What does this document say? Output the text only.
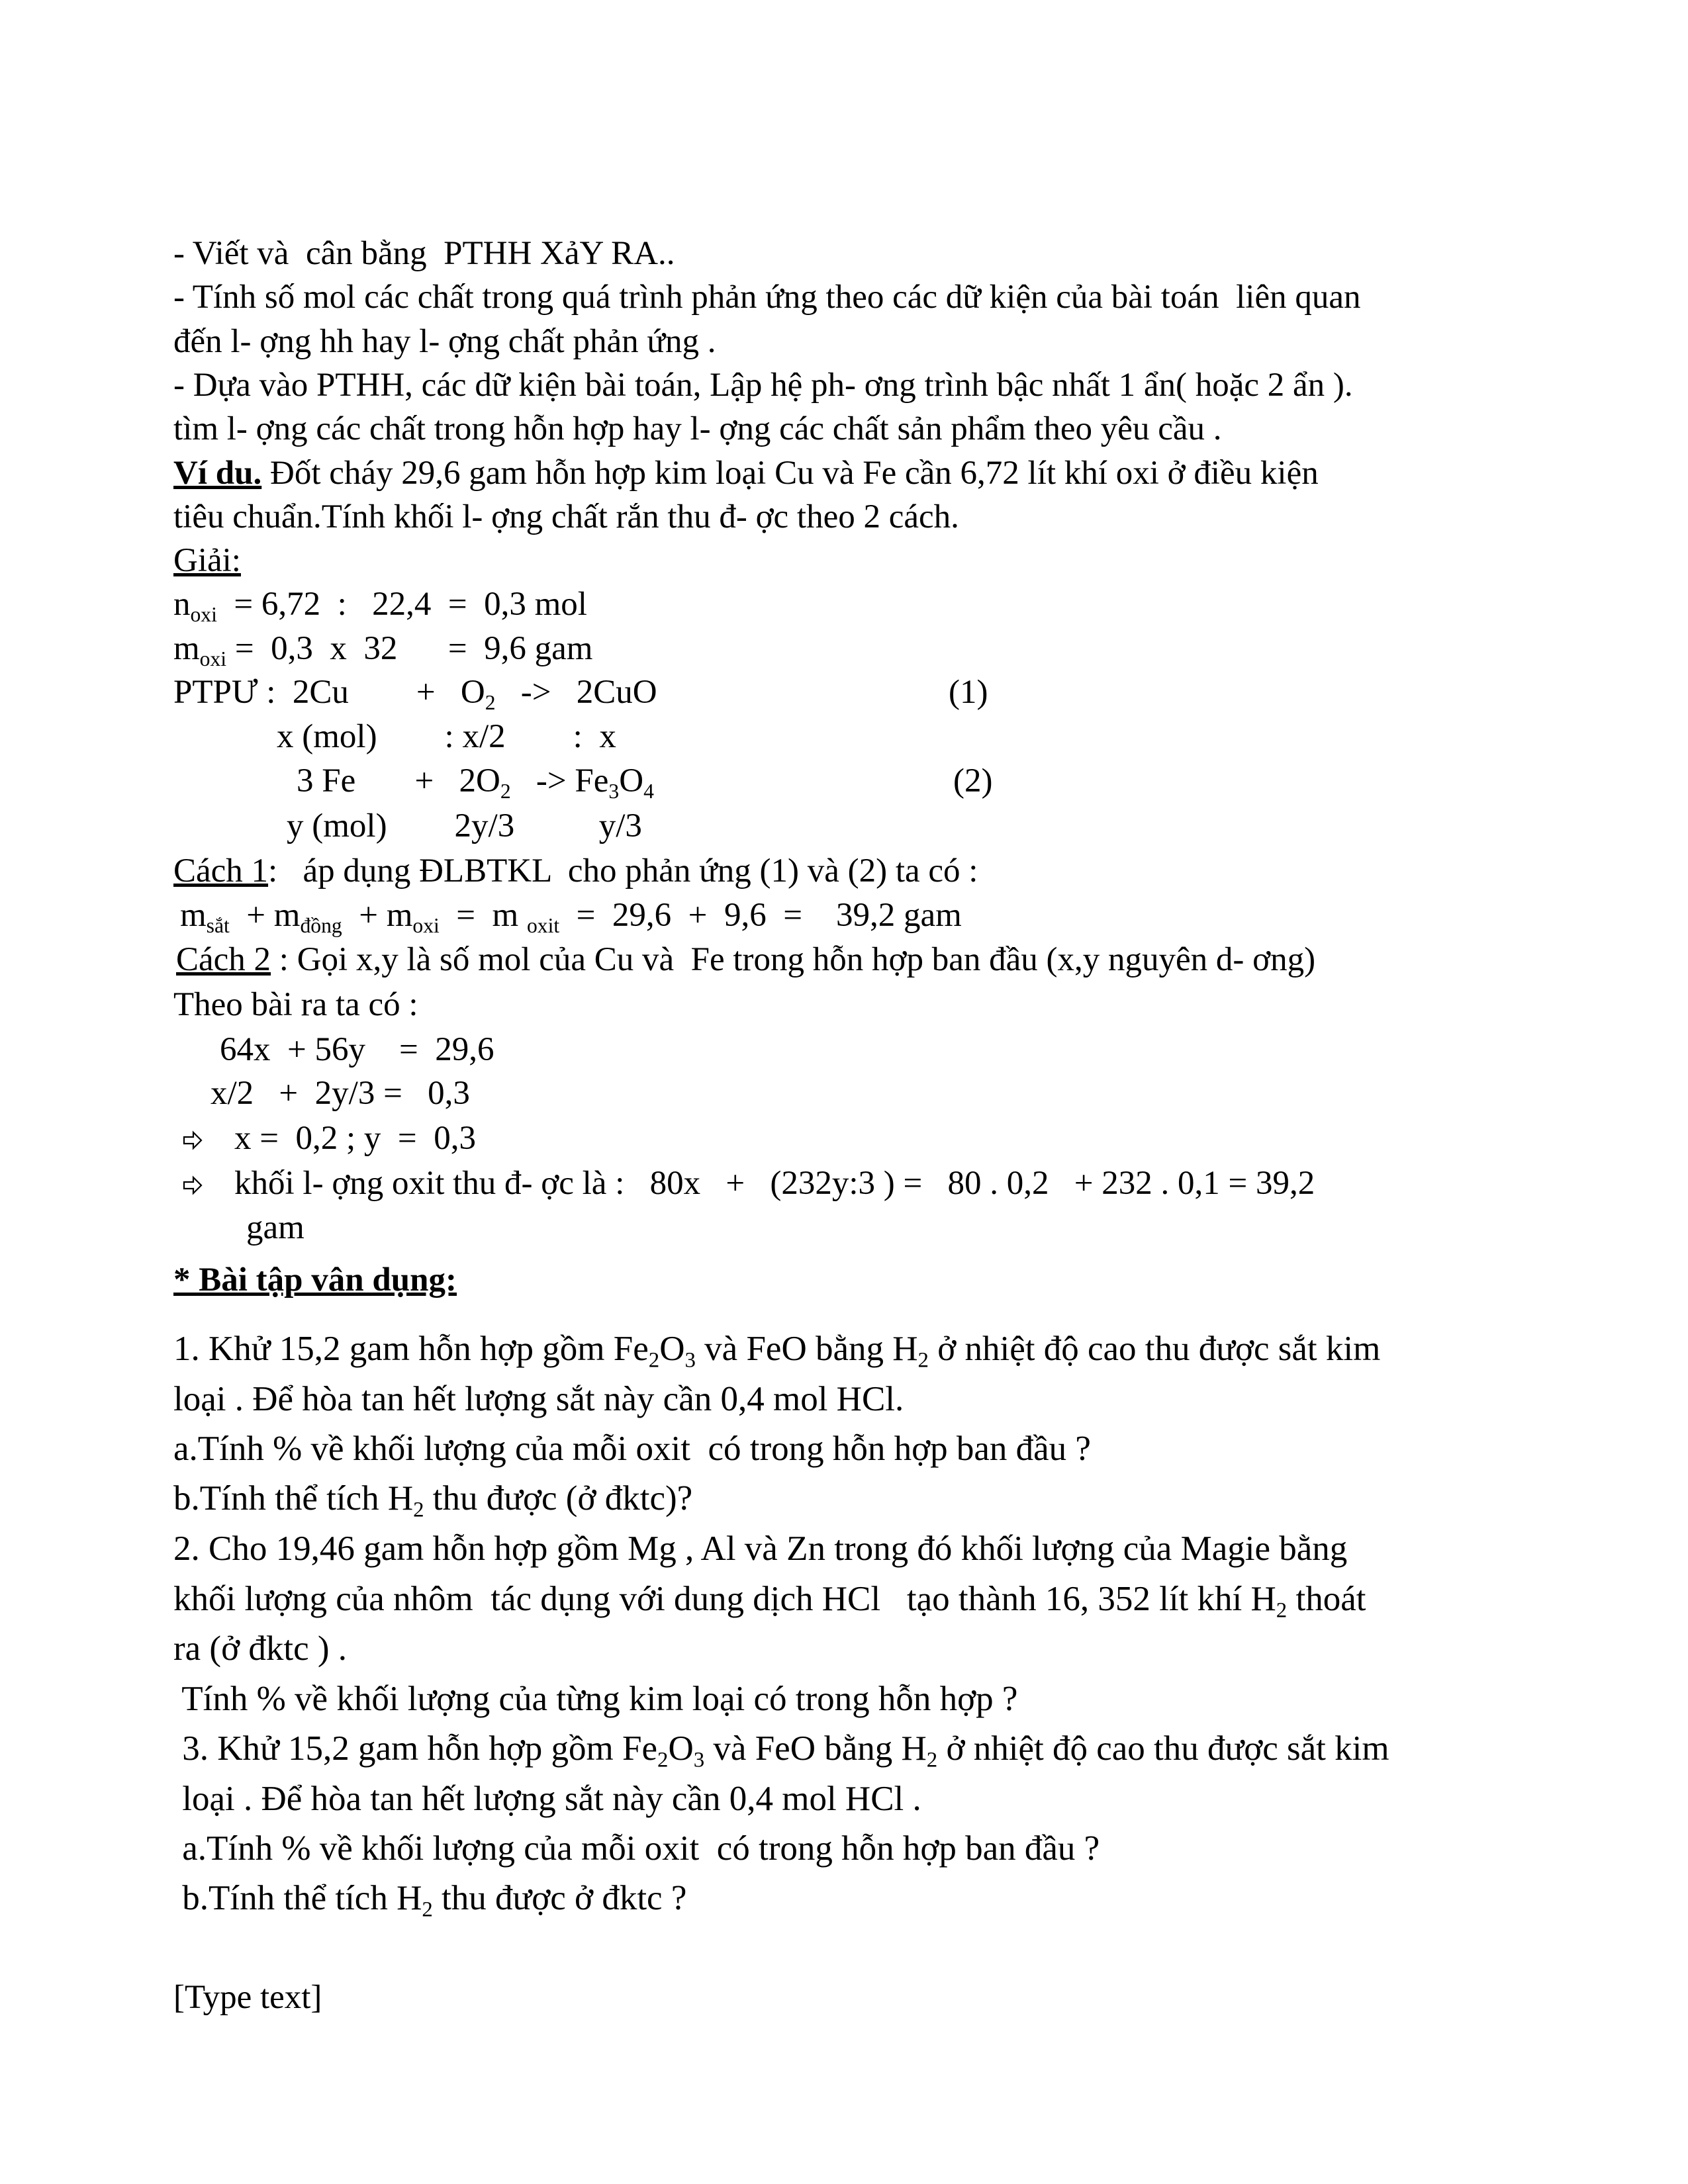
- Viết và  cân bằng  PTHH XảY RA..
- Tính số mol các chất trong quá trình phản ứng theo các dữ kiện của bài toán  liên quan
đến l- ợng hh hay l- ợng chất phản ứng .
- Dựa vào PTHH, các dữ kiện bài toán, Lập hệ ph- ơng trình bậc nhất 1 ẩn( hoặc 2 ẩn ).
tìm l- ợng các chất trong hỗn hợp hay l- ợng các chất sản phẩm theo yêu cầu .
Ví du. Đốt cháy 29,6 gam hỗn hợp kim loại Cu và Fe cần 6,72 lít khí oxi ở điều kiện
tiêu chuẩn.Tính khối l- ợng chất rắn thu đ- ợc theo 2 cách.
Giải:
$n_{oxi} = 6,72$  :   22,4  =  0,3 mol
$m_{oxi} = 0,3$  x  32      =  9,6 gam
PTPƯ :  2Cu        +   $O_2 -> 2CuO$	(1)
x (mol)        : x/2        :  x
3 Fe       +   $2O_2 -> Fe_3O_4$	(2)
y (mol)        2y/3          y/3
Cách 1:   áp dụng ĐLBTKL  cho phản ứng (1) và (2) ta có :
$m_{sắt} + m_{đồng} + m_{oxi} = m$ $_{oxit}$  =  29,6  +  9,6  =    39,2 gam
Cách 2 : Gọi x,y là số mol của Cu và  Fe trong hỗn hợp ban đầu (x,y nguyên d- ơng)
Theo bài ra ta có :
64x  + 56y    =  29,6
x/2   +  2y/3 =   0,3
x =  0,2 ; y  =  0,3
khối l- ợng oxit thu đ- ợc là :   80x   +   (232y:3 ) =   80 . 0,2   + 232 . 0,1 = 39,2
gam
* Bài tập vân dụng:
1. Khử 15,2 gam hỗn hợp gồm $Fe_2O_3$ và FeO bằng $H_2$ ở nhiệt độ cao thu được sắt kim
loại . Để hòa tan hết lượng sắt này cần 0,4 mol HCl.
a.Tính % về khối lượng của mỗi oxit  có trong hỗn hợp ban đầu ?
b.Tính thể tích $H_2$ thu được (ở đktc)?
2. Cho 19,46 gam hỗn hợp gồm Mg , Al và Zn trong đó khối lượng của Magie bằng
khối lượng của nhôm  tác dụng với dung dịch HCl   tạo thành 16, 352 lít khí $H_2$ thoát
ra (ở đktc ) .
Tính % về khối lượng của từng kim loại có trong hỗn hợp ?
3. Khử 15,2 gam hỗn hợp gồm $Fe_2O_3$ và FeO bằng $H_2$ ở nhiệt độ cao thu được sắt kim
loại . Để hòa tan hết lượng sắt này cần 0,4 mol HCl .
a.Tính % về khối lượng của mỗi oxit  có trong hỗn hợp ban đầu ?
b.Tính thể tích $H_2$ thu được ở đktc ?
[Type text]
